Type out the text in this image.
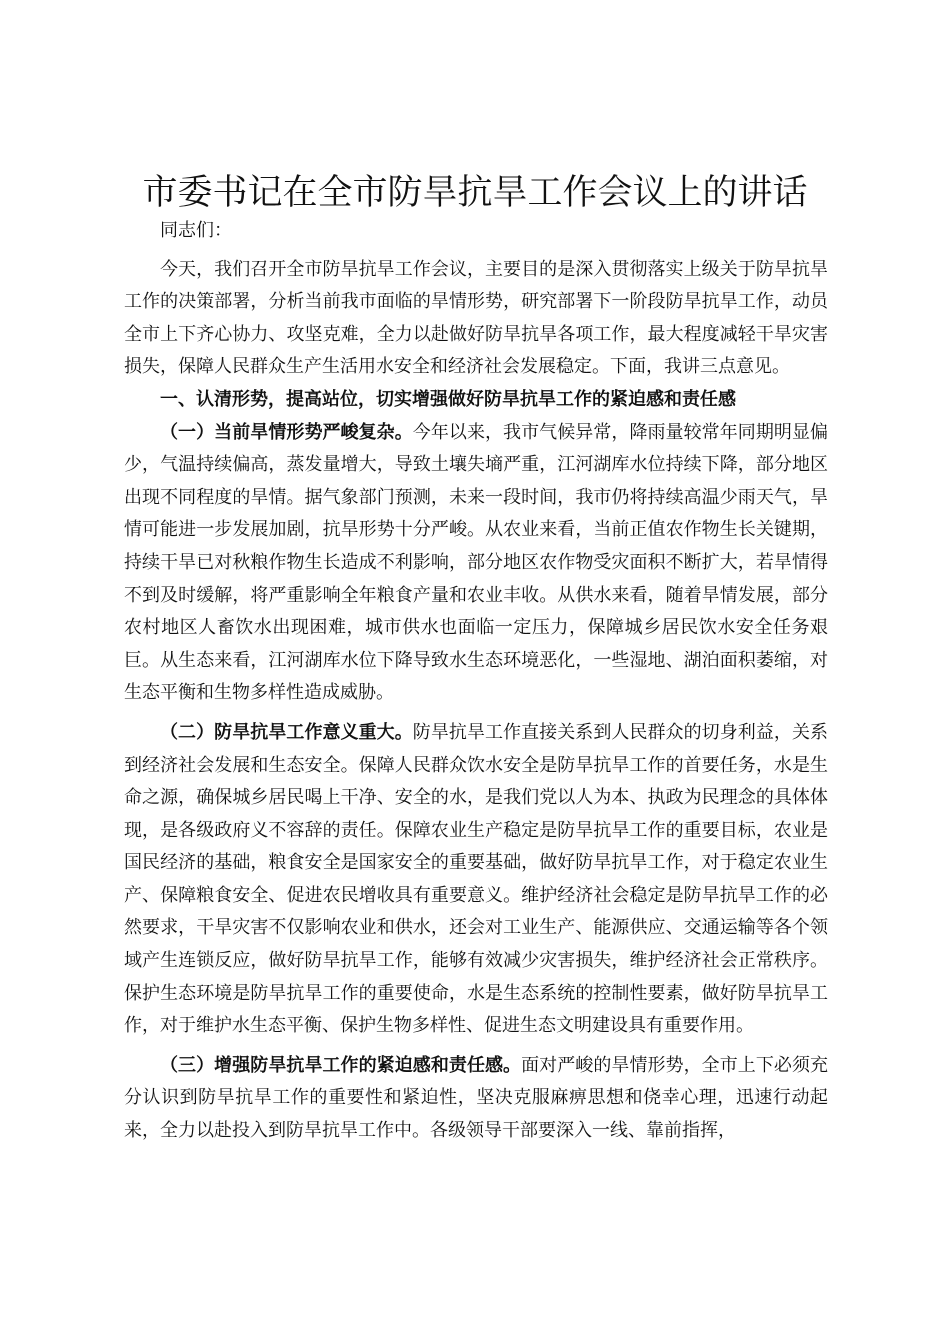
市委书记在全市防旱抗旱工作会议上的讲话

同志们：

今天，我们召开全市防旱抗旱工作会议，主要目的是深入贯彻落实上级关于防旱抗旱工作的决策部署，分析当前我市面临的旱情形势，研究部署下一阶段防旱抗旱工作，动员全市上下齐心协力、攻坚克难，全力以赴做好防旱抗旱各项工作，最大程度减轻干旱灾害损失，保障人民群众生产生活用水安全和经济社会发展稳定。下面，我讲三点意见。

一、认清形势，提高站位，切实增强做好防旱抗旱工作的紧迫感和责任感

（一）当前旱情形势严峻复杂。今年以来，我市气候异常，降雨量较常年同期明显偏少，气温持续偏高，蒸发量增大，导致土壤失墒严重，江河湖库水位持续下降，部分地区出现不同程度的旱情。据气象部门预测，未来一段时间，我市仍将持续高温少雨天气，旱情可能进一步发展加剧，抗旱形势十分严峻。从农业来看，当前正值农作物生长关键期，持续干旱已对秋粮作物生长造成不利影响，部分地区农作物受灾面积不断扩大，若旱情得不到及时缓解，将严重影响全年粮食产量和农业丰收。从供水来看，随着旱情发展，部分农村地区人畜饮水出现困难，城市供水也面临一定压力，保障城乡居民饮水安全任务艰巨。从生态来看，江河湖库水位下降导致水生态环境恶化，一些湿地、湖泊面积萎缩，对生态平衡和生物多样性造成威胁。

（二）防旱抗旱工作意义重大。防旱抗旱工作直接关系到人民群众的切身利益，关系到经济社会发展和生态安全。保障人民群众饮水安全是防旱抗旱工作的首要任务，水是生命之源，确保城乡居民喝上干净、安全的水，是我们党以人为本、执政为民理念的具体体现，是各级政府义不容辞的责任。保障农业生产稳定是防旱抗旱工作的重要目标，农业是国民经济的基础，粮食安全是国家安全的重要基础，做好防旱抗旱工作，对于稳定农业生产、保障粮食安全、促进农民增收具有重要意义。维护经济社会稳定是防旱抗旱工作的必然要求，干旱灾害不仅影响农业和供水，还会对工业生产、能源供应、交通运输等各个领域产生连锁反应，做好防旱抗旱工作，能够有效减少灾害损失，维护经济社会正常秩序。保护生态环境是防旱抗旱工作的重要使命，水是生态系统的控制性要素，做好防旱抗旱工作，对于维护水生态平衡、保护生物多样性、促进生态文明建设具有重要作用。

（三）增强防旱抗旱工作的紧迫感和责任感。面对严峻的旱情形势，全市上下必须充分认识到防旱抗旱工作的重要性和紧迫性，坚决克服麻痹思想和侥幸心理，迅速行动起来，全力以赴投入到防旱抗旱工作中。各级领导干部要深入一线、靠前指挥，
